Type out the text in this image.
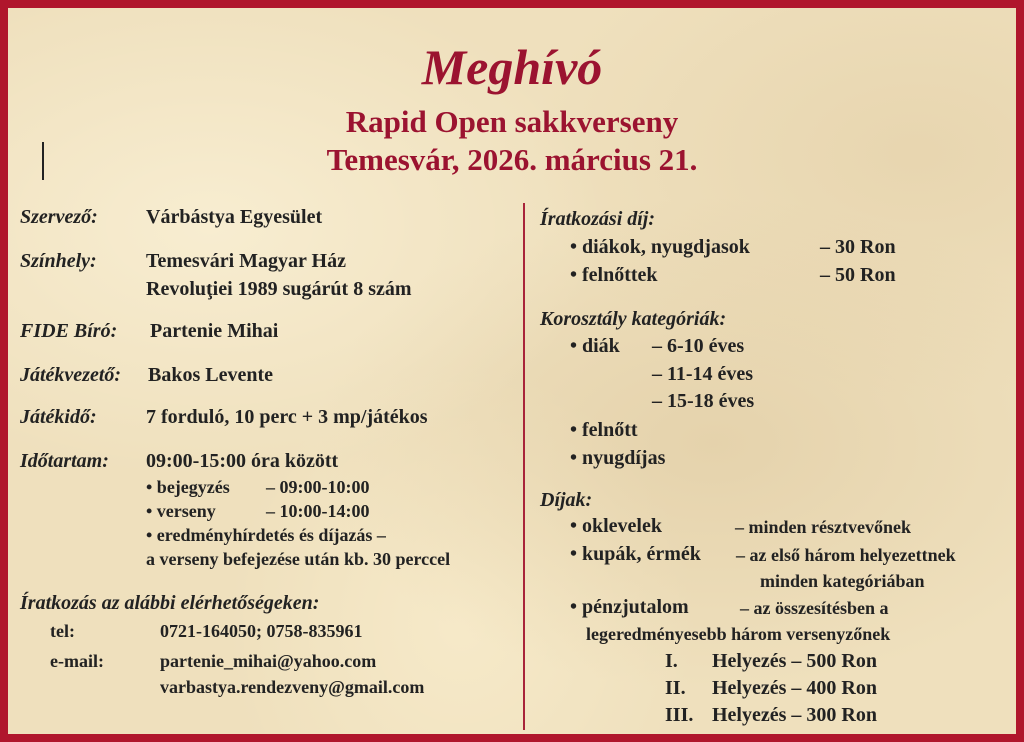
Meghívó
Rapid Open sakkverseny
Temesvár, 2026. március 21.
Szervező: Várbástya Egyesület
Színhely: Temesvári Magyar Ház
Revoluţiei 1989 sugárút 8 szám
FIDE Bíró: Partenie Mihai
Játékvezető: Bakos Levente
Játékidő: 7 forduló, 10 perc + 3 mp/játékos
Időtartam: 09:00-15:00 óra között
• bejegyzés – 09:00-10:00
• verseny	– 10:00-14:00
• eredményhírdetés és díjazás –
a verseny befejezése után kb. 30 perccel
Íratkozás az alábbi elérhetőségeken:
tel:	0721-164050; 0758-835961
e-mail:	partenie_mihai@yahoo.com
varbastya.rendezveny@gmail.com
Íratkozási díj:
• diákok, nyugdjasok	– 30 Ron
• felnőttek	– 50 Ron
Korosztály kategóriák:
• diák – 6-10 éves
– 11-14 éves
– 15-18 éves
• felnőtt
• nyugdíjas
Díjak:
• oklevelek	– minden résztvevőnek
• kupák, érmék – az első három helyezettnek
minden kategóriában
• pénzjutalom	– az összesítésben a
legeredményesebb három versenyzőnek
I. Helyezés – 500 Ron
II. Helyezés – 400 Ron
III. Helyezés – 300 Ron
